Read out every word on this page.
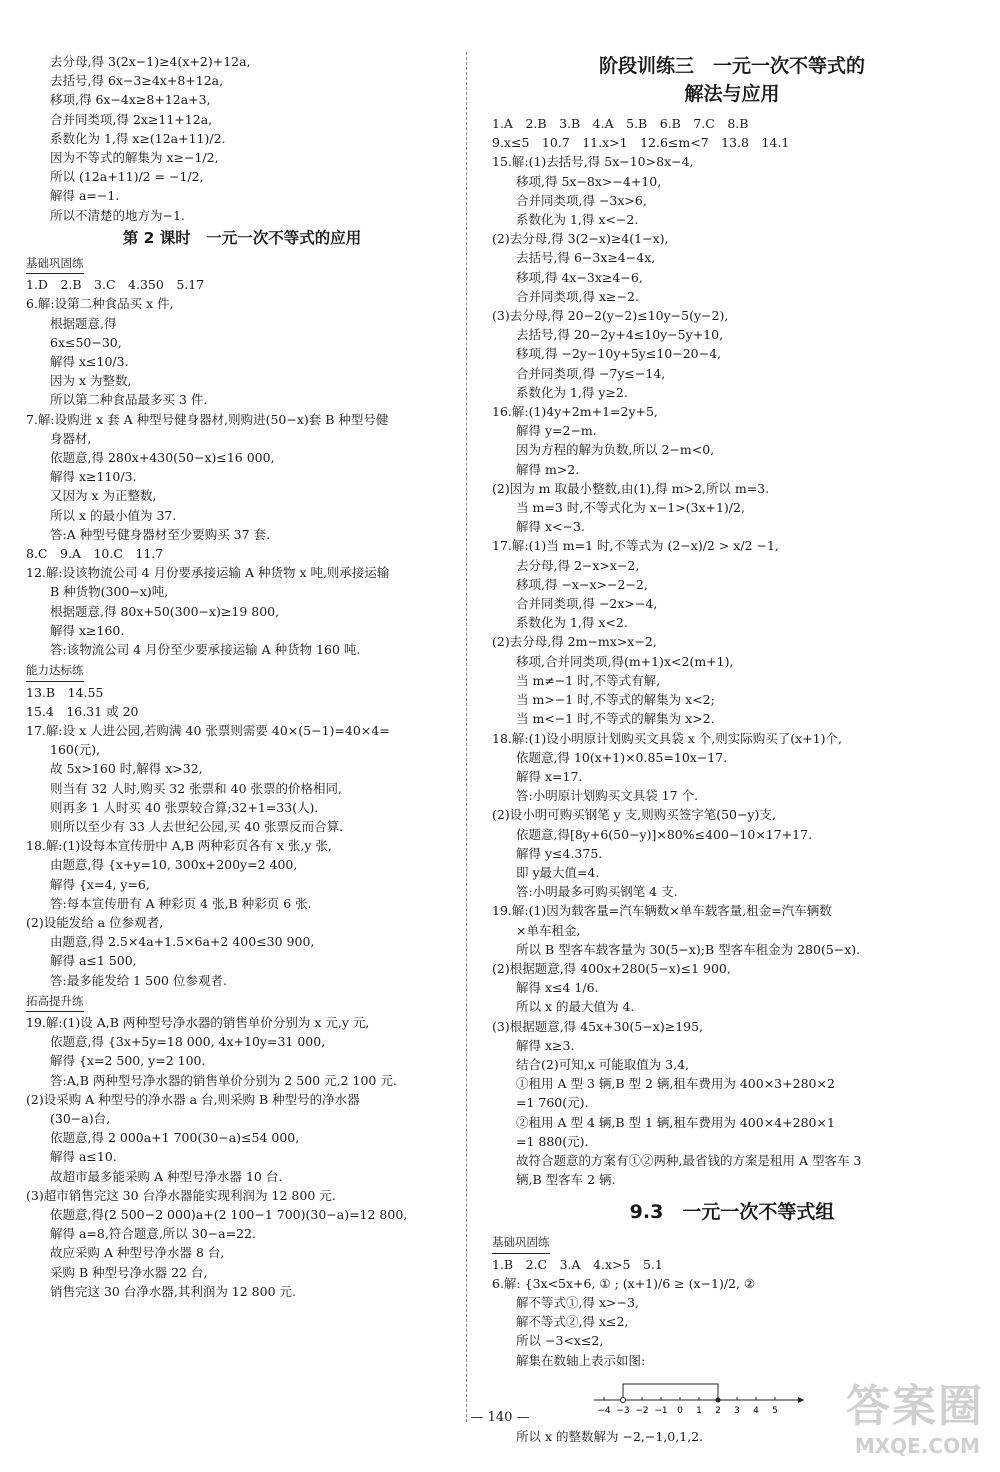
去分母,得 3(2x−1)≥4(x+2)+12a,
去括号,得 6x−3≥4x+8+12a,
移项,得 6x−4x≥8+12a+3,
合并同类项,得 2x≥11+12a,
系数化为 1,得 x≥(12a+11)/2.
因为不等式的解集为 x≥−1/2,
所以 (12a+11)/2 = −1/2,
解得 a=−1.
所以不清楚的地方为−1.
第 2 课时　一元一次不等式的应用
基础巩固练
1.D　2.B　3.C　4.350　5.17
6.解:设第二种食品买 x 件,
根据题意,得
6x≤50−30,
解得 x≤10/3.
因为 x 为整数,
所以第二种食品最多买 3 件.
7.解:设购进 x 套 A 种型号健身器材,则购进(50−x)套 B 种型号健
身器材,
依题意,得 280x+430(50−x)≤16 000,
解得 x≥110/3.
又因为 x 为正整数,
所以 x 的最小值为 37.
答:A 种型号健身器材至少要购买 37 套.
8.C　9.A　10.C　11.7
12.解:设该物流公司 4 月份要承接运输 A 种货物 x 吨,则承接运输
B 种货物(300−x)吨,
根据题意,得 80x+50(300−x)≥19 800,
解得 x≥160.
答:该物流公司 4 月份至少要承接运输 A 种货物 160 吨.
能力达标练
13.B　14.55
15.4　16.31 或 20
17.解:设 x 人进公园,若购满 40 张票则需要 40×(5−1)=40×4=
160(元),
故 5x>160 时,解得 x>32,
则当有 32 人时,购买 32 张票和 40 张票的价格相同,
则再多 1 人时买 40 张票较合算;32+1=33(人).
则所以至少有 33 人去世纪公园,买 40 张票反而合算.
18.解:(1)设每本宣传册中 A,B 两种彩页各有 x 张,y 张,
由题意,得 {x+y=10, 300x+200y=2 400,
解得 {x=4, y=6,
答:每本宣传册有 A 种彩页 4 张,B 种彩页 6 张.
(2)设能发给 a 位参观者,
由题意,得 2.5×4a+1.5×6a+2 400≤30 900,
解得 a≤1 500,
答:最多能发给 1 500 位参观者.
拓高提升练
19.解:(1)设 A,B 两种型号净水器的销售单价分别为 x 元,y 元,
依题意,得 {3x+5y=18 000, 4x+10y=31 000,
解得 {x=2 500, y=2 100.
答:A,B 两种型号净水器的销售单价分别为 2 500 元,2 100 元.
(2)设采购 A 种型号的净水器 a 台,则采购 B 种型号的净水器
(30−a)台,
依题意,得 2 000a+1 700(30−a)≤54 000,
解得 a≤10.
故超市最多能采购 A 种型号净水器 10 台.
(3)超市销售完这 30 台净水器能实现利润为 12 800 元.
依题意,得(2 500−2 000)a+(2 100−1 700)(30−a)=12 800,
解得 a=8,符合题意,所以 30−a=22.
故应采购 A 种型号净水器 8 台,
采购 B 种型号净水器 22 台,
销售完这 30 台净水器,其利润为 12 800 元.
阶段训练三　一元一次不等式的
解法与应用
1.A　2.B　3.B　4.A　5.B　6.B　7.C　8.B
9.x≤5　10.7　11.x>1　12.6≤m<7　13.8　14.1
15.解:(1)去括号,得 5x−10>8x−4,
移项,得 5x−8x>−4+10,
合并同类项,得 −3x>6,
系数化为 1,得 x<−2.
(2)去分母,得 3(2−x)≥4(1−x),
去括号,得 6−3x≥4−4x,
移项,得 4x−3x≥4−6,
合并同类项,得 x≥−2.
(3)去分母,得 20−2(y−2)≤10y−5(y−2),
去括号,得 20−2y+4≤10y−5y+10,
移项,得 −2y−10y+5y≤10−20−4,
合并同类项,得 −7y≤−14,
系数化为 1,得 y≥2.
16.解:(1)4y+2m+1=2y+5,
解得 y=2−m.
因为方程的解为负数,所以 2−m<0,
解得 m>2.
(2)因为 m 取最小整数,由(1),得 m>2,所以 m=3.
当 m=3 时,不等式化为 x−1>(3x+1)/2,
解得 x<−3.
17.解:(1)当 m=1 时,不等式为 (2−x)/2 > x/2 −1,
去分母,得 2−x>x−2,
移项,得 −x−x>−2−2,
合并同类项,得 −2x>−4,
系数化为 1,得 x<2.
(2)去分母,得 2m−mx>x−2,
移项,合并同类项,得(m+1)x<2(m+1),
当 m≠−1 时,不等式有解,
当 m>−1 时,不等式的解集为 x<2;
当 m<−1 时,不等式的解集为 x>2.
18.解:(1)设小明原计划购买文具袋 x 个,则实际购买了(x+1)个,
依题意,得 10(x+1)×0.85=10x−17.
解得 x=17.
答:小明原计划购买文具袋 17 个.
(2)设小明可购买钢笔 y 支,则购买签字笔(50−y)支,
依题意,得[8y+6(50−y)]×80%≤400−10×17+17.
解得 y≤4.375.
即 y最大值=4.
答:小明最多可购买钢笔 4 支.
19.解:(1)因为载客量=汽车辆数×单车载客量,租金=汽车辆数
×单车租金,
所以 B 型客车载客量为 30(5−x);B 型客车租金为 280(5−x).
(2)根据题意,得 400x+280(5−x)≤1 900,
解得 x≤4 1/6.
所以 x 的最大值为 4.
(3)根据题意,得 45x+30(5−x)≥195,
解得 x≥3.
结合(2)可知,x 可能取值为 3,4,
①租用 A 型 3 辆,B 型 2 辆,租车费用为 400×3+280×2
=1 760(元).
②租用 A 型 4 辆,B 型 1 辆,租车费用为 400×4+280×1
=1 880(元).
故符合题意的方案有①②两种,最省钱的方案是租用 A 型客车 3
辆,B 型客车 2 辆.
9.3　一元一次不等式组
基础巩固练
1.B　2.C　3.A　4.x>5　5.1
6.解: {3x<5x+6, ① ; (x+1)/6 ≥ (x−1)/2, ②
解不等式①,得 x>−3,
解不等式②,得 x≤2,
所以 −3<x≤2,
解集在数轴上表示如图:
−4 −3 −2 −1 0 1 2 3 4 5
所以 x 的整数解为 −2,−1,0,1,2.
— 140 —	答案圈
MXQE.COM
